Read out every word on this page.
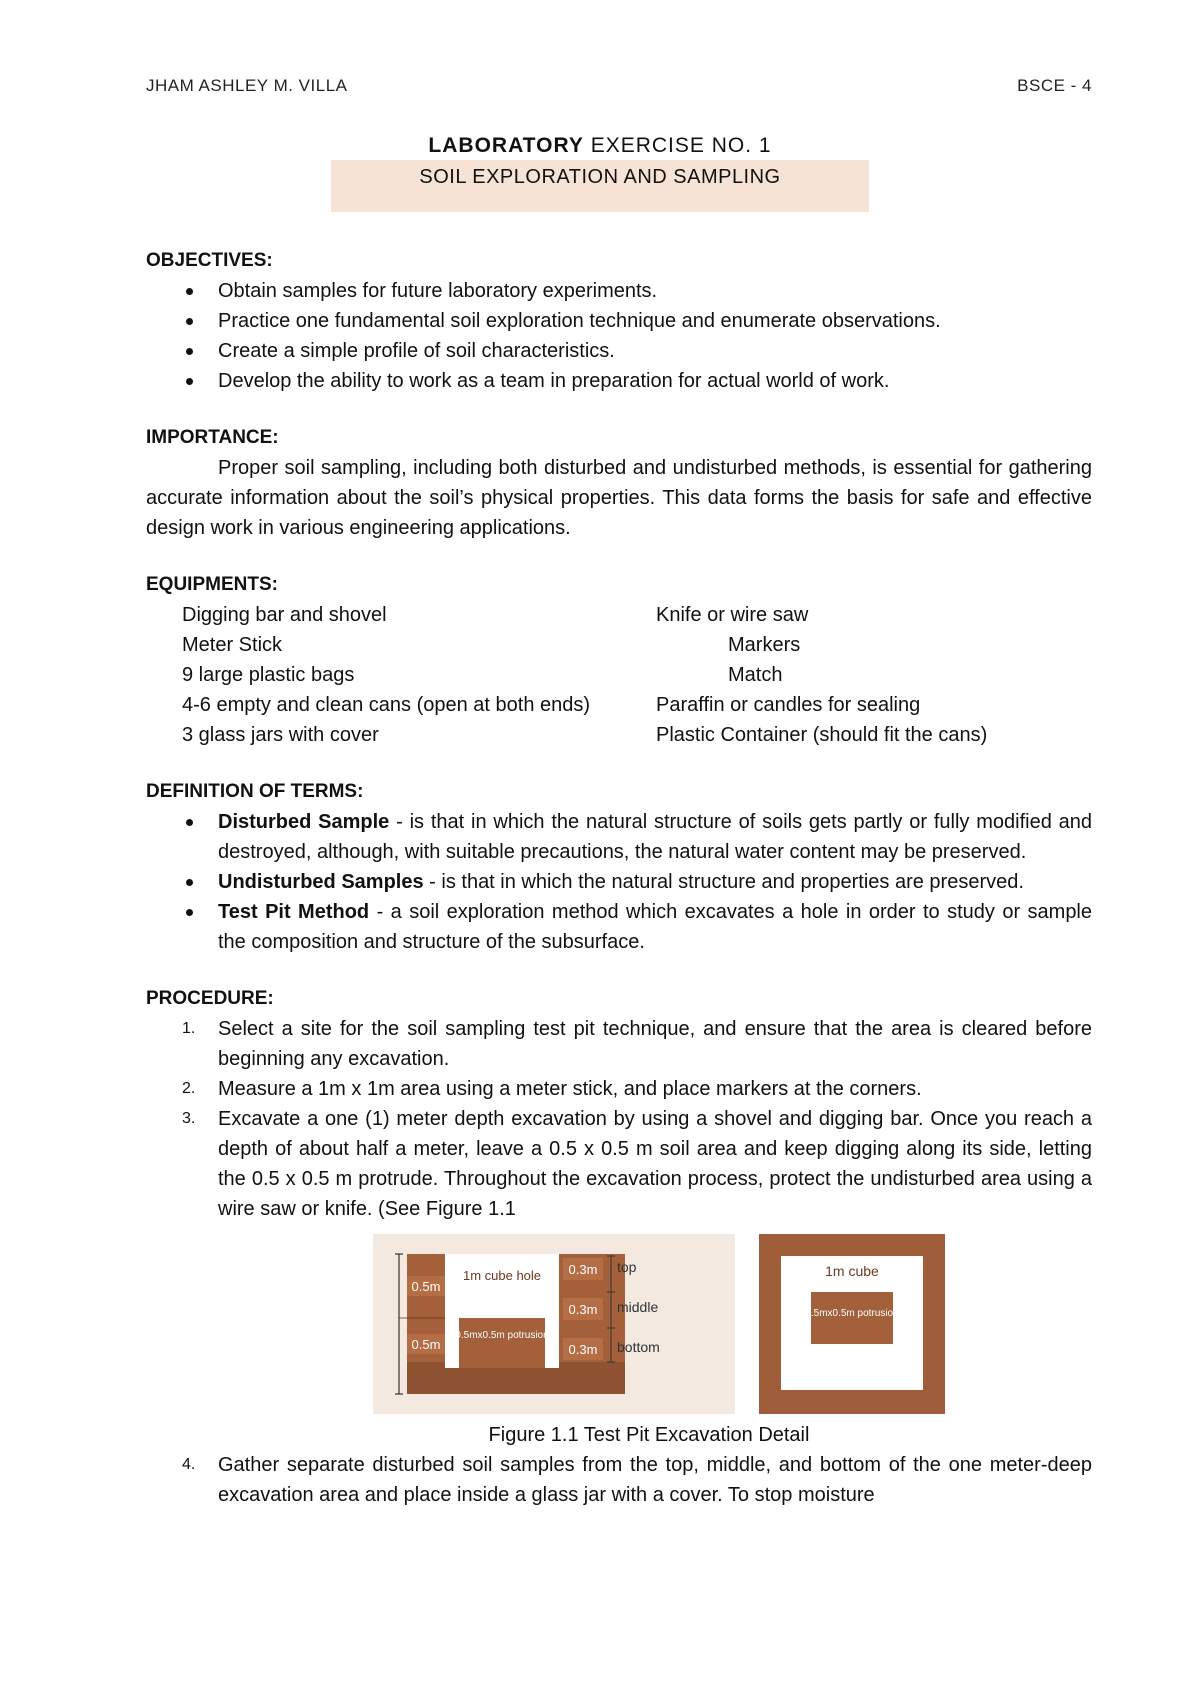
JHAM ASHLEY M. VILLA	BSCE - 4
LABORATORY EXERCISE NO. 1
SOIL EXPLORATION AND SAMPLING

OBJECTIVES:

Obtain samples for future laboratory experiments.
Practice one fundamental soil exploration technique and enumerate observations.
Create a simple profile of soil characteristics.
Develop the ability to work as a team in preparation for actual world of work.

IMPORTANCE:

Proper soil sampling, including both disturbed and undisturbed methods, is essential for gathering accurate information about the soil’s physical properties. This data forms the basis for safe and effective design work in various engineering applications.

EQUIPMENTS:

Digging bar and shovel	Knife or wire saw
Meter Stick	Markers
9 large plastic bags	Match
4-6 empty and clean cans (open at both ends)	Paraffin or candles for sealing
3 glass jars with cover	Plastic Container (should fit the cans)

DEFINITION OF TERMS:

Disturbed Sample - is that in which the natural structure of soils gets partly or fully modified and destroyed, although, with suitable precautions, the natural water content may be preserved.
Undisturbed Samples - is that in which the natural structure and properties are preserved.
Test Pit Method - a soil exploration method which excavates a hole in order to study or sample the composition and structure of the subsurface.

PROCEDURE:

1. Select a site for the soil sampling test pit technique, and ensure that the area is cleared before beginning any excavation.
2. Measure a 1m x 1m area using a meter stick, and place markers at the corners.
3. Excavate a one (1) meter depth excavation by using a shovel and digging bar. Once you reach a depth of about half a meter, leave a 0.5 x 0.5 m soil area and keep digging along its side, letting the 0.5 x 0.5 m protrude. Throughout the excavation process, protect the undisturbed area using a wire saw or knife. (See Figure 1.1
0.5m
0.5m
1m cube hole
0.5mx0.5m potrusion
0.3m
0.3m
0.3m
top
middle
bottom
1m cube
0.5mx0.5m potrusion
Figure 1.1 Test Pit Excavation Detail
4. Gather separate disturbed soil samples from the top, middle, and bottom of the one meter-deep excavation area and place inside a glass jar with a cover. To stop moisture
